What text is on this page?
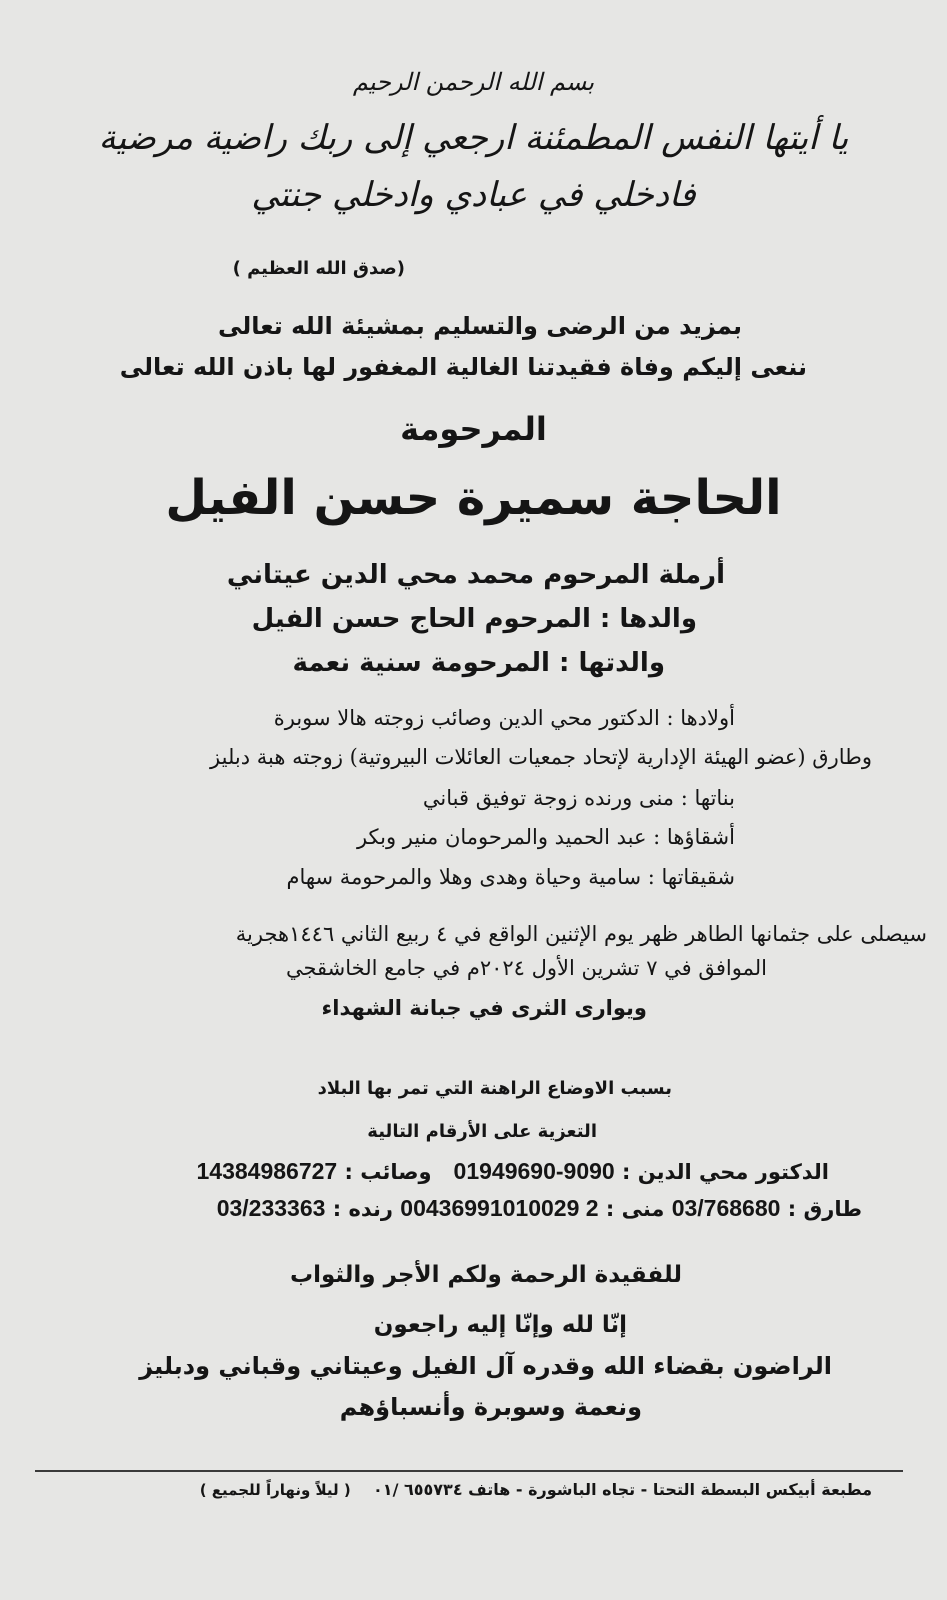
بسم الله الرحمن الرحيم
يا أيتها النفس المطمئنة ارجعي إلى ربك راضية مرضية
فادخلي في عبادي وادخلي جنتي
(صدق الله العظيم )
بمزيد من الرضى والتسليم بمشيئة الله تعالى
ننعى إليكم وفاة فقيدتنا الغالية المغفور لها باذن الله تعالى
المرحومة
الحاجة سميرة حسن الفيل
أرملة المرحوم محمد محي الدين عيتاني
والدها : المرحوم الحاج حسن الفيل
والدتها : المرحومة سنية نعمة
أولادها : الدكتور محي الدين وصائب زوجته هالا سوبرة
وطارق (عضو الهيئة الإدارية لإتحاد جمعيات العائلات البيروتية) زوجته هبة دبليز
بناتها : منى ورنده زوجة توفيق قباني
أشقاؤها : عبد الحميد والمرحومان منير وبكر
شقيقاتها : سامية وحياة وهدى وهلا والمرحومة سهام
سيصلى على جثمانها الطاهر ظهر يوم الإثنين الواقع في ٤ ربيع الثاني ١٤٤٦هجرية
الموافق في ٧ تشرين الأول ٢٠٢٤م في جامع الخاشقجي
ويوارى الثرى في جبانة الشهداء
بسبب الاوضاع الراهنة التي تمر بها البلاد
التعزية على الأرقام التالية
الدكتور محي الدين : 01949690-9090   وصائب : 14384986727
طارق : 03/768680 منى : 00436991010029 2 رنده : 03/233363
للفقيدة الرحمة ولكم الأجر والثواب
إنّا لله وإنّا إليه راجعون
الراضون بقضاء الله وقدره آل الفيل وعيتاني وقباني ودبليز
ونعمة وسوبرة وأنسباؤهم
مطبعة أبيكس البسطة التحتا - تجاه الباشورة - هاتف ٦٥٥٧٣٤ /٠١    ( ليلاً ونهاراً للجميع )
